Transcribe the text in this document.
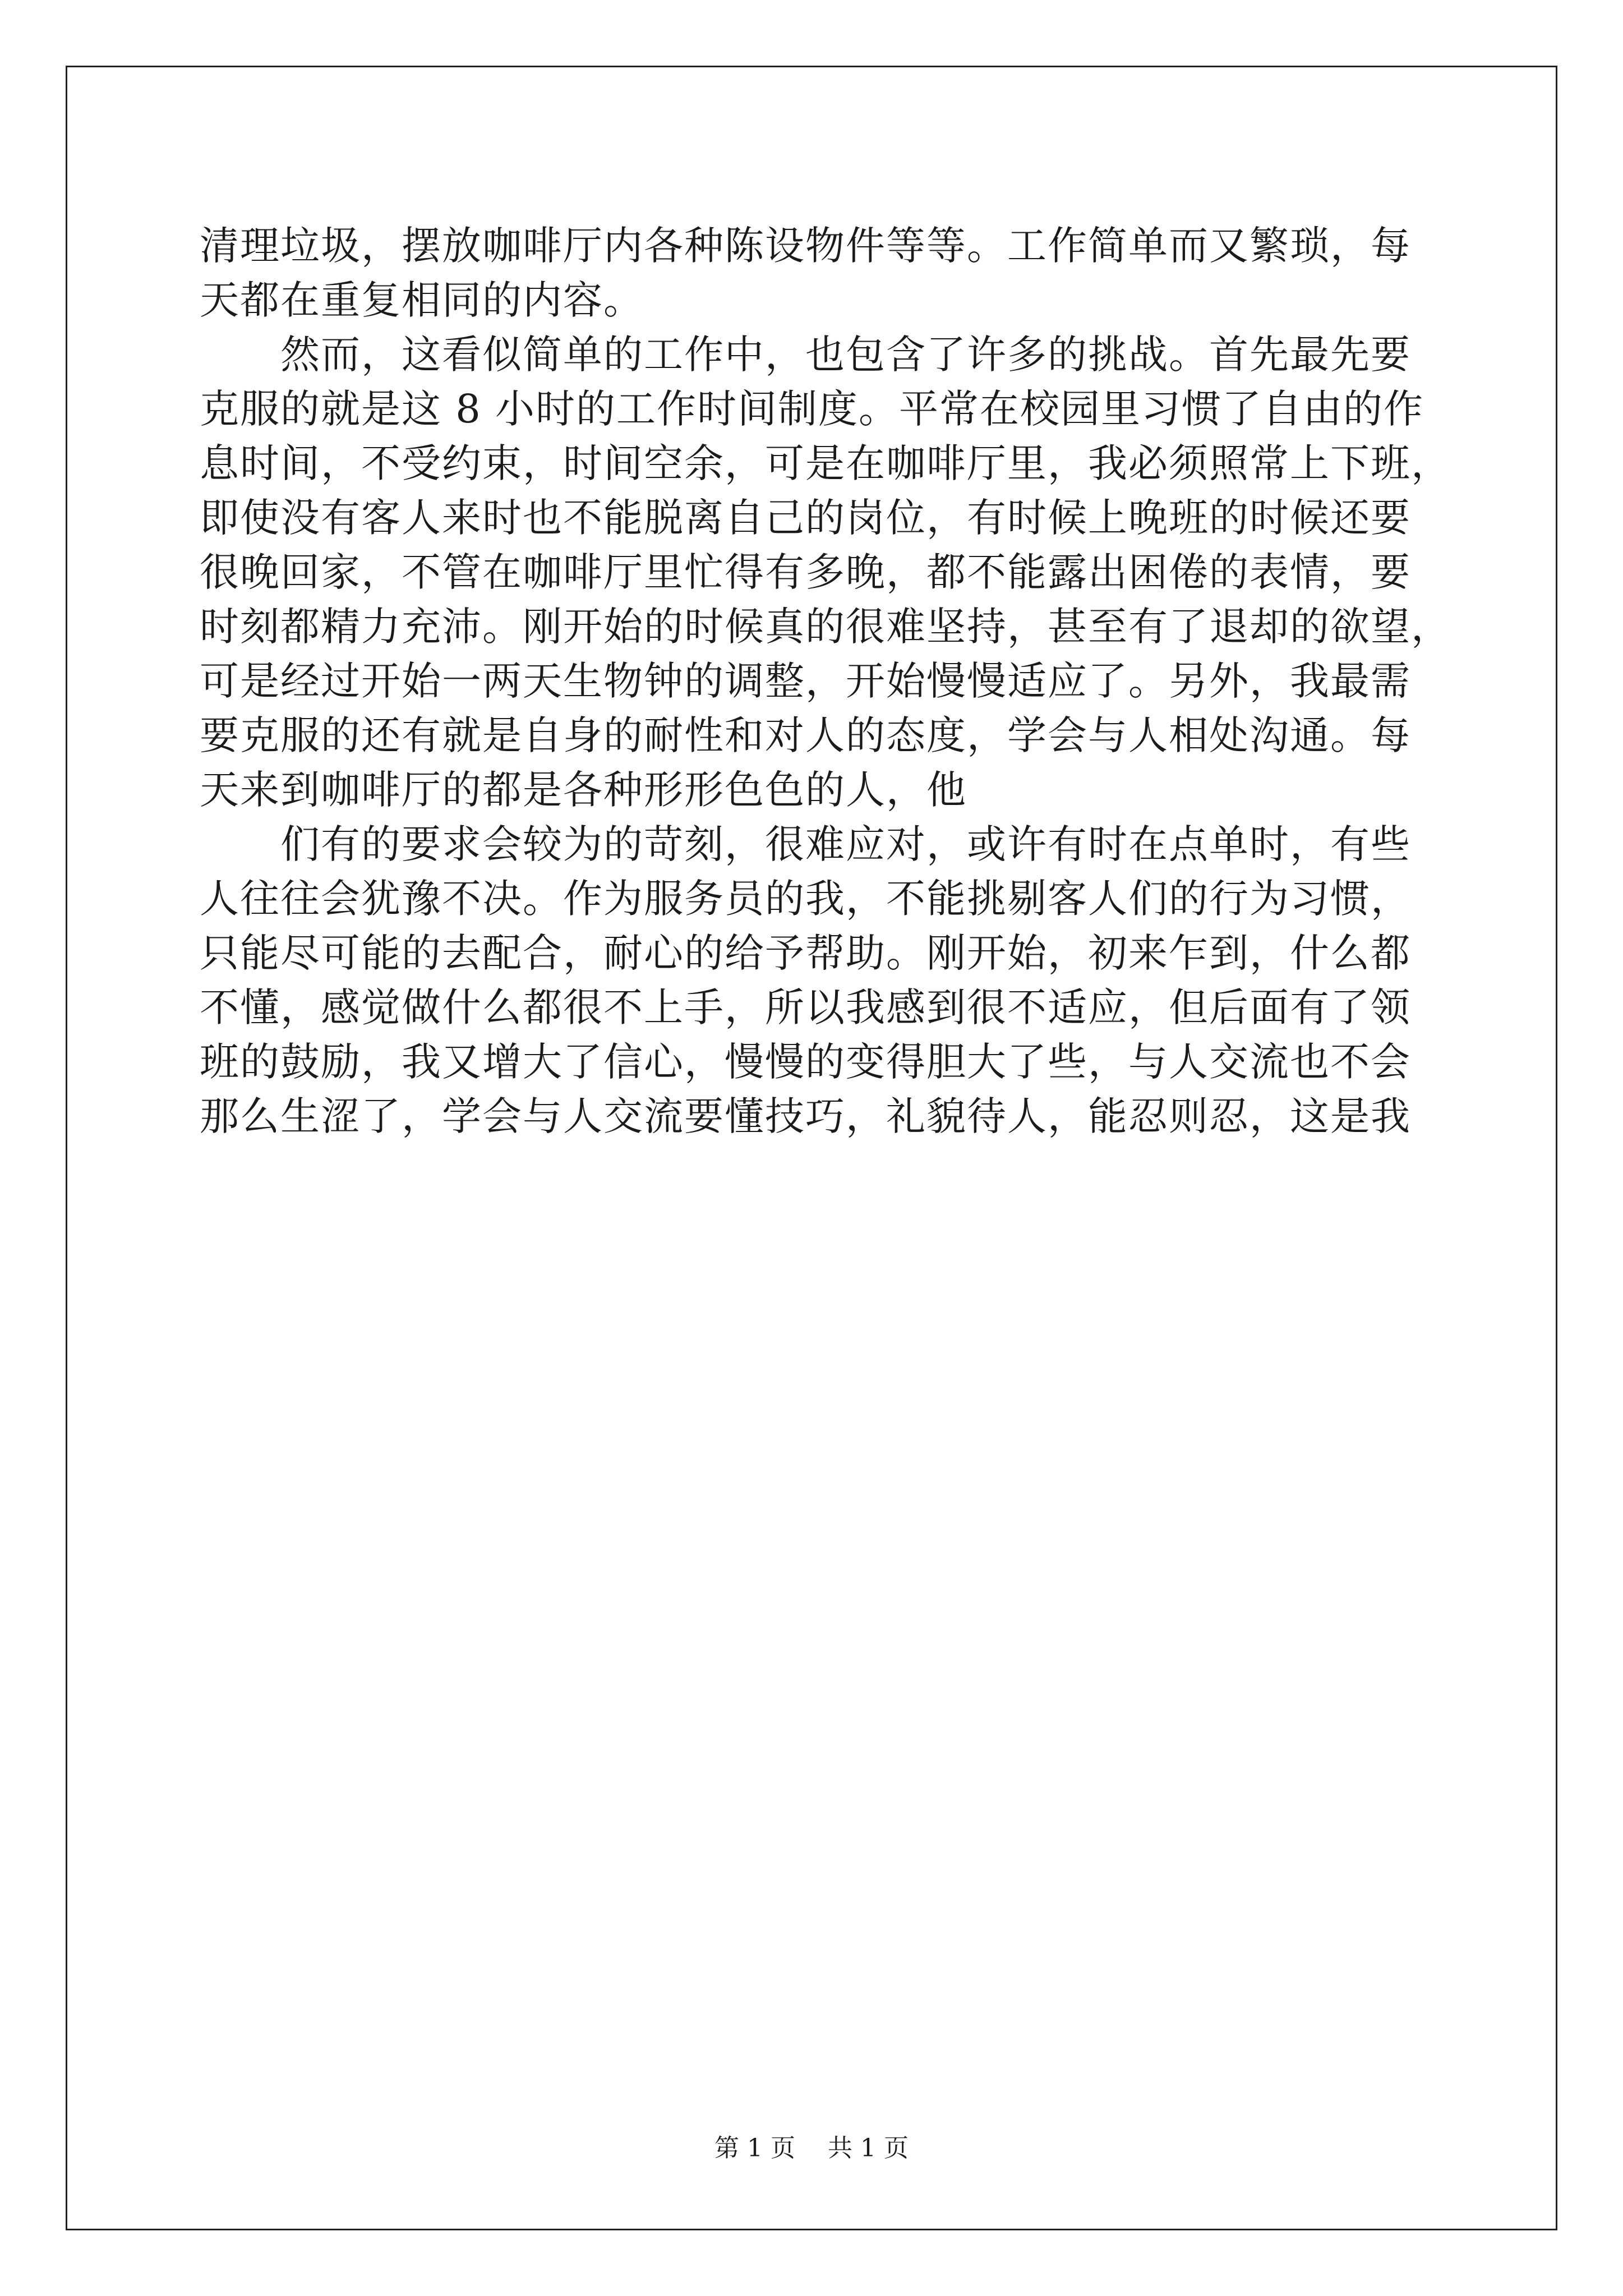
清理垃圾，摆放咖啡厅内各种陈设物件等等。工作简单而又繁琐，每
天都在重复相同的内容。
　　然而，这看似简单的工作中，也包含了许多的挑战。首先最先要
克服的就是这 8 小时的工作时间制度。平常在校园里习惯了自由的作
息时间，不受约束，时间空余，可是在咖啡厅里，我必须照常上下班，
即使没有客人来时也不能脱离自己的岗位，有时候上晚班的时候还要
很晚回家，不管在咖啡厅里忙得有多晚，都不能露出困倦的表情，要
时刻都精力充沛。刚开始的时候真的很难坚持，甚至有了退却的欲望，
可是经过开始一两天生物钟的调整，开始慢慢适应了。另外，我最需
要克服的还有就是自身的耐性和对人的态度，学会与人相处沟通。每
天来到咖啡厅的都是各种形形色色的人，他
　　们有的要求会较为的苛刻，很难应对，或许有时在点单时，有些
人往往会犹豫不决。作为服务员的我，不能挑剔客人们的行为习惯，
只能尽可能的去配合，耐心的给予帮助。刚开始，初来乍到，什么都
不懂，感觉做什么都很不上手，所以我感到很不适应，但后面有了领
班的鼓励，我又增大了信心，慢慢的变得胆大了些，与人交流也不会
那么生涩了，学会与人交流要懂技巧，礼貌待人，能忍则忍，这是我
第 1 页　 共 1 页
